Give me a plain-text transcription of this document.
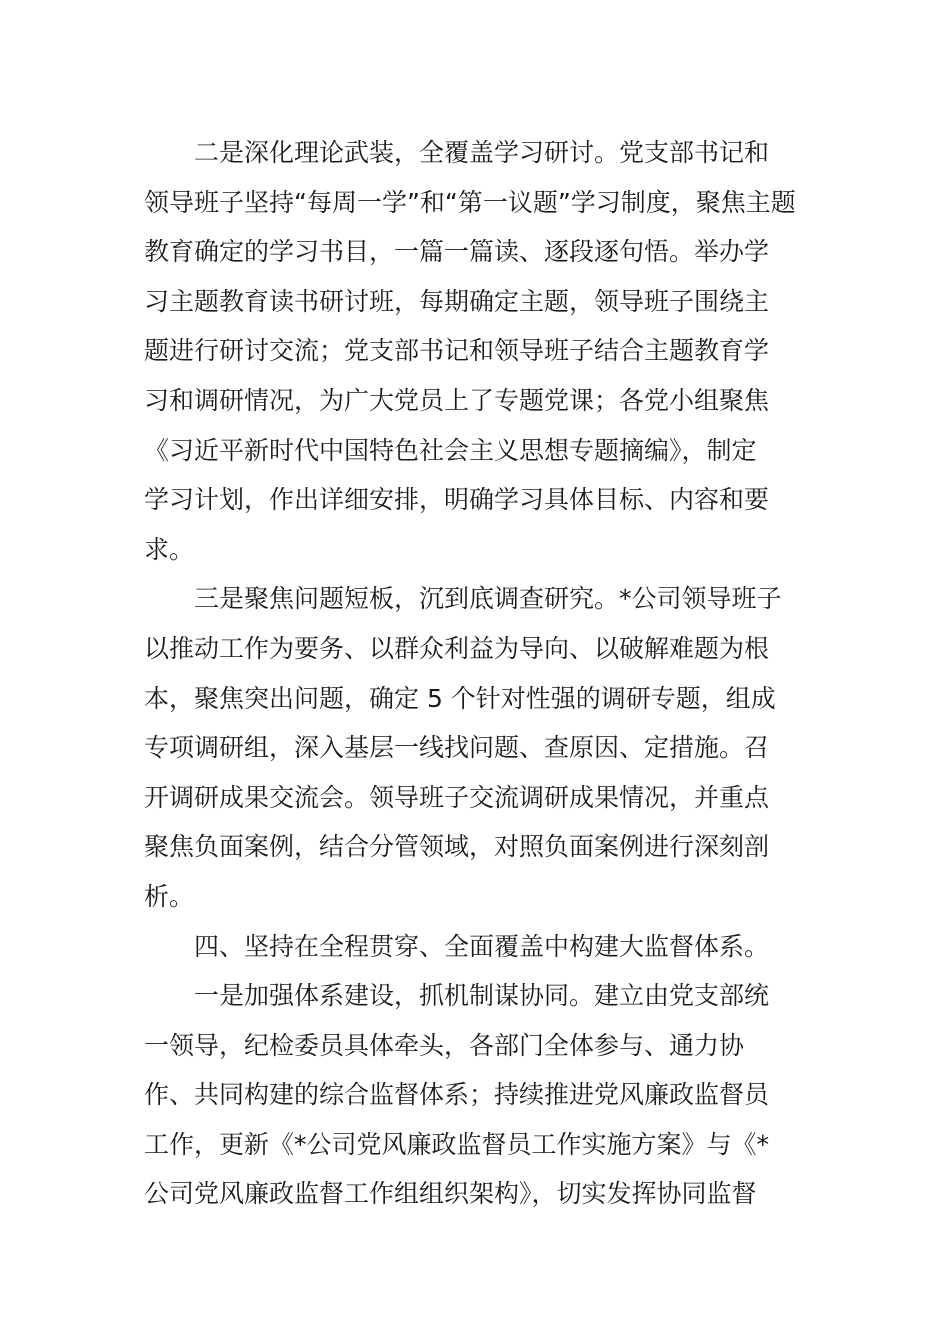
二是深化理论武装，全覆盖学习研讨。党支部书记和
领导班子坚持“每周一学”和“第一议题”学习制度，聚焦主题
教育确定的学习书目，一篇一篇读、逐段逐句悟。举办学
习主题教育读书研讨班，每期确定主题，领导班子围绕主
题进行研讨交流；党支部书记和领导班子结合主题教育学
习和调研情况，为广大党员上了专题党课；各党小组聚焦
《习近平新时代中国特色社会主义思想专题摘编》，制定
学习计划，作出详细安排，明确学习具体目标、内容和要
求。
三是聚焦问题短板，沉到底调查研究。*公司领导班子
以推动工作为要务、以群众利益为导向、以破解难题为根
本，聚焦突出问题，确定 5 个针对性强的调研专题，组成
专项调研组，深入基层一线找问题、查原因、定措施。召
开调研成果交流会。领导班子交流调研成果情况，并重点
聚焦负面案例，结合分管领域，对照负面案例进行深刻剖
析。
四、坚持在全程贯穿、全面覆盖中构建大监督体系。
一是加强体系建设，抓机制谋协同。建立由党支部统
一领导，纪检委员具体牵头，各部门全体参与、通力协
作、共同构建的综合监督体系；持续推进党风廉政监督员
工作，更新《*公司党风廉政监督员工作实施方案》与《*
公司党风廉政监督工作组组织架构》，切实发挥协同监督
